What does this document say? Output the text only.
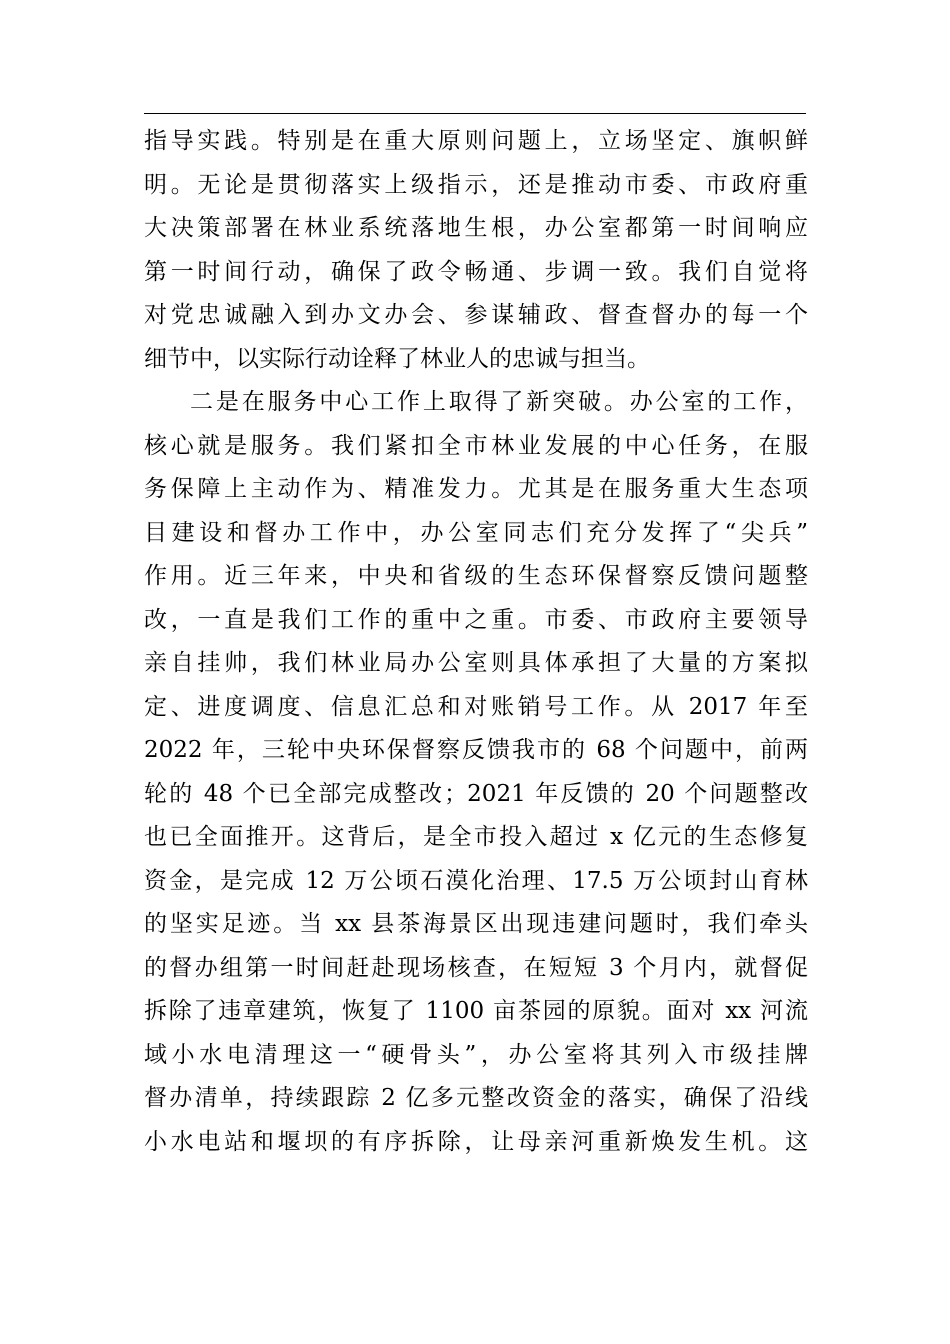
指导实践。特别是在重大原则问题上，立场坚定、旗帜鲜
明。无论是贯彻落实上级指示，还是推动市委、市政府重
大决策部署在林业系统落地生根，办公室都第一时间响应
第一时间行动，确保了政令畅通、步调一致。我们自觉将
对党忠诚融入到办文办会、参谋辅政、督查督办的每一个
细节中，以实际行动诠释了林业人的忠诚与担当。
二是在服务中心工作上取得了新突破。办公室的工作，
核心就是服务。我们紧扣全市林业发展的中心任务，在服
务保障上主动作为、精准发力。尤其是在服务重大生态项
目建设和督办工作中，办公室同志们充分发挥了“尖兵”
作用。近三年来，中央和省级的生态环保督察反馈问题整
改，一直是我们工作的重中之重。市委、市政府主要领导
亲自挂帅，我们林业局办公室则具体承担了大量的方案拟
定、进度调度、信息汇总和对账销号工作。从 2017 年至
2022 年，三轮中央环保督察反馈我市的 68 个问题中，前两
轮的 48 个已全部完成整改；2021 年反馈的 20 个问题整改
也已全面推开。这背后，是全市投入超过 x 亿元的生态修复
资金，是完成 12 万公顷石漠化治理、17.5 万公顷封山育林
的坚实足迹。当 xx 县茶海景区出现违建问题时，我们牵头
的督办组第一时间赶赴现场核查，在短短 3 个月内，就督促
拆除了违章建筑，恢复了 1100 亩茶园的原貌。面对 xx 河流
域小水电清理这一“硬骨头”，办公室将其列入市级挂牌
督办清单，持续跟踪 2 亿多元整改资金的落实，确保了沿线
小水电站和堰坝的有序拆除，让母亲河重新焕发生机。这
